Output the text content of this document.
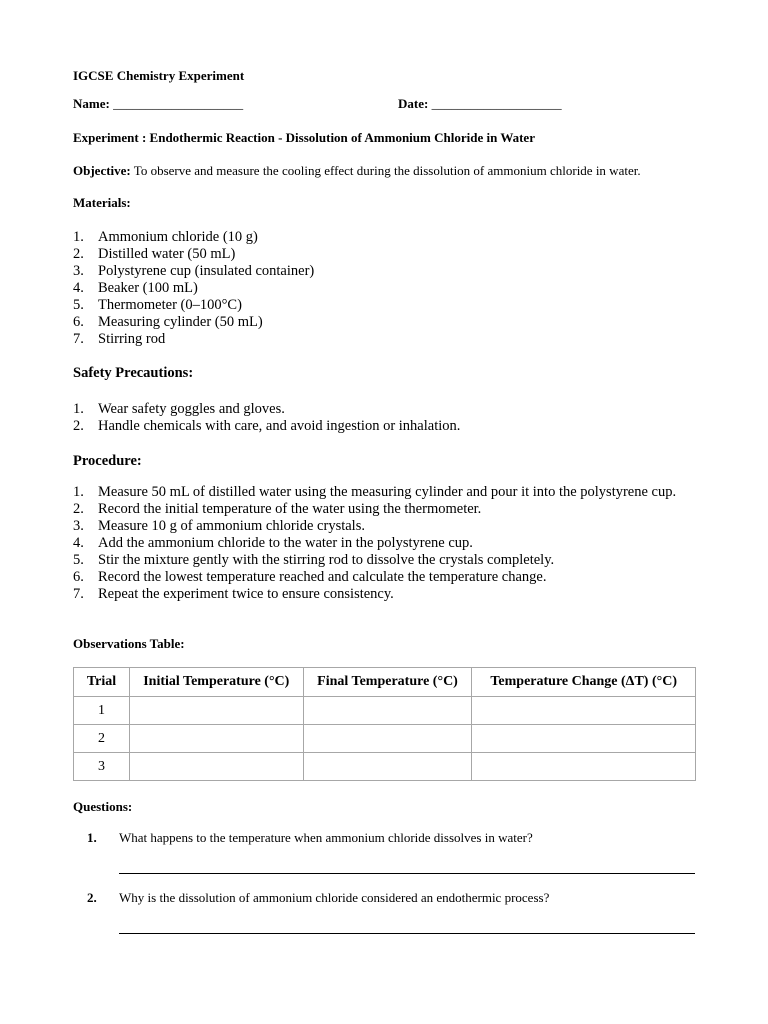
IGCSE Chemistry Experiment
Name: ____________________	Date: ____________________
Experiment : Endothermic Reaction - Dissolution of Ammonium Chloride in Water
Objective: To observe and measure the cooling effect during the dissolution of ammonium chloride in water.
Materials:
1. Ammonium chloride (10 g)
2. Distilled water (50 mL)
3. Polystyrene cup (insulated container)
4. Beaker (100 mL)
5. Thermometer (0–100°C)
6. Measuring cylinder (50 mL)
7. Stirring rod
Safety Precautions:
1. Wear safety goggles and gloves.
2. Handle chemicals with care, and avoid ingestion or inhalation.
Procedure:
1. Measure 50 mL of distilled water using the measuring cylinder and pour it into the polystyrene cup.
2. Record the initial temperature of the water using the thermometer.
3. Measure 10 g of ammonium chloride crystals.
4. Add the ammonium chloride to the water in the polystyrene cup.
5. Stir the mixture gently with the stirring rod to dissolve the crystals completely.
6. Record the lowest temperature reached and calculate the temperature change.
7. Repeat the experiment twice to ensure consistency.
Observations Table:
Trial	Initial Temperature (°C)	Final Temperature (°C)	Temperature Change (ΔT) (°C)
1			
2			
3			
Questions:
1. What happens to the temperature when ammonium chloride dissolves in water?
2. Why is the dissolution of ammonium chloride considered an endothermic process?
